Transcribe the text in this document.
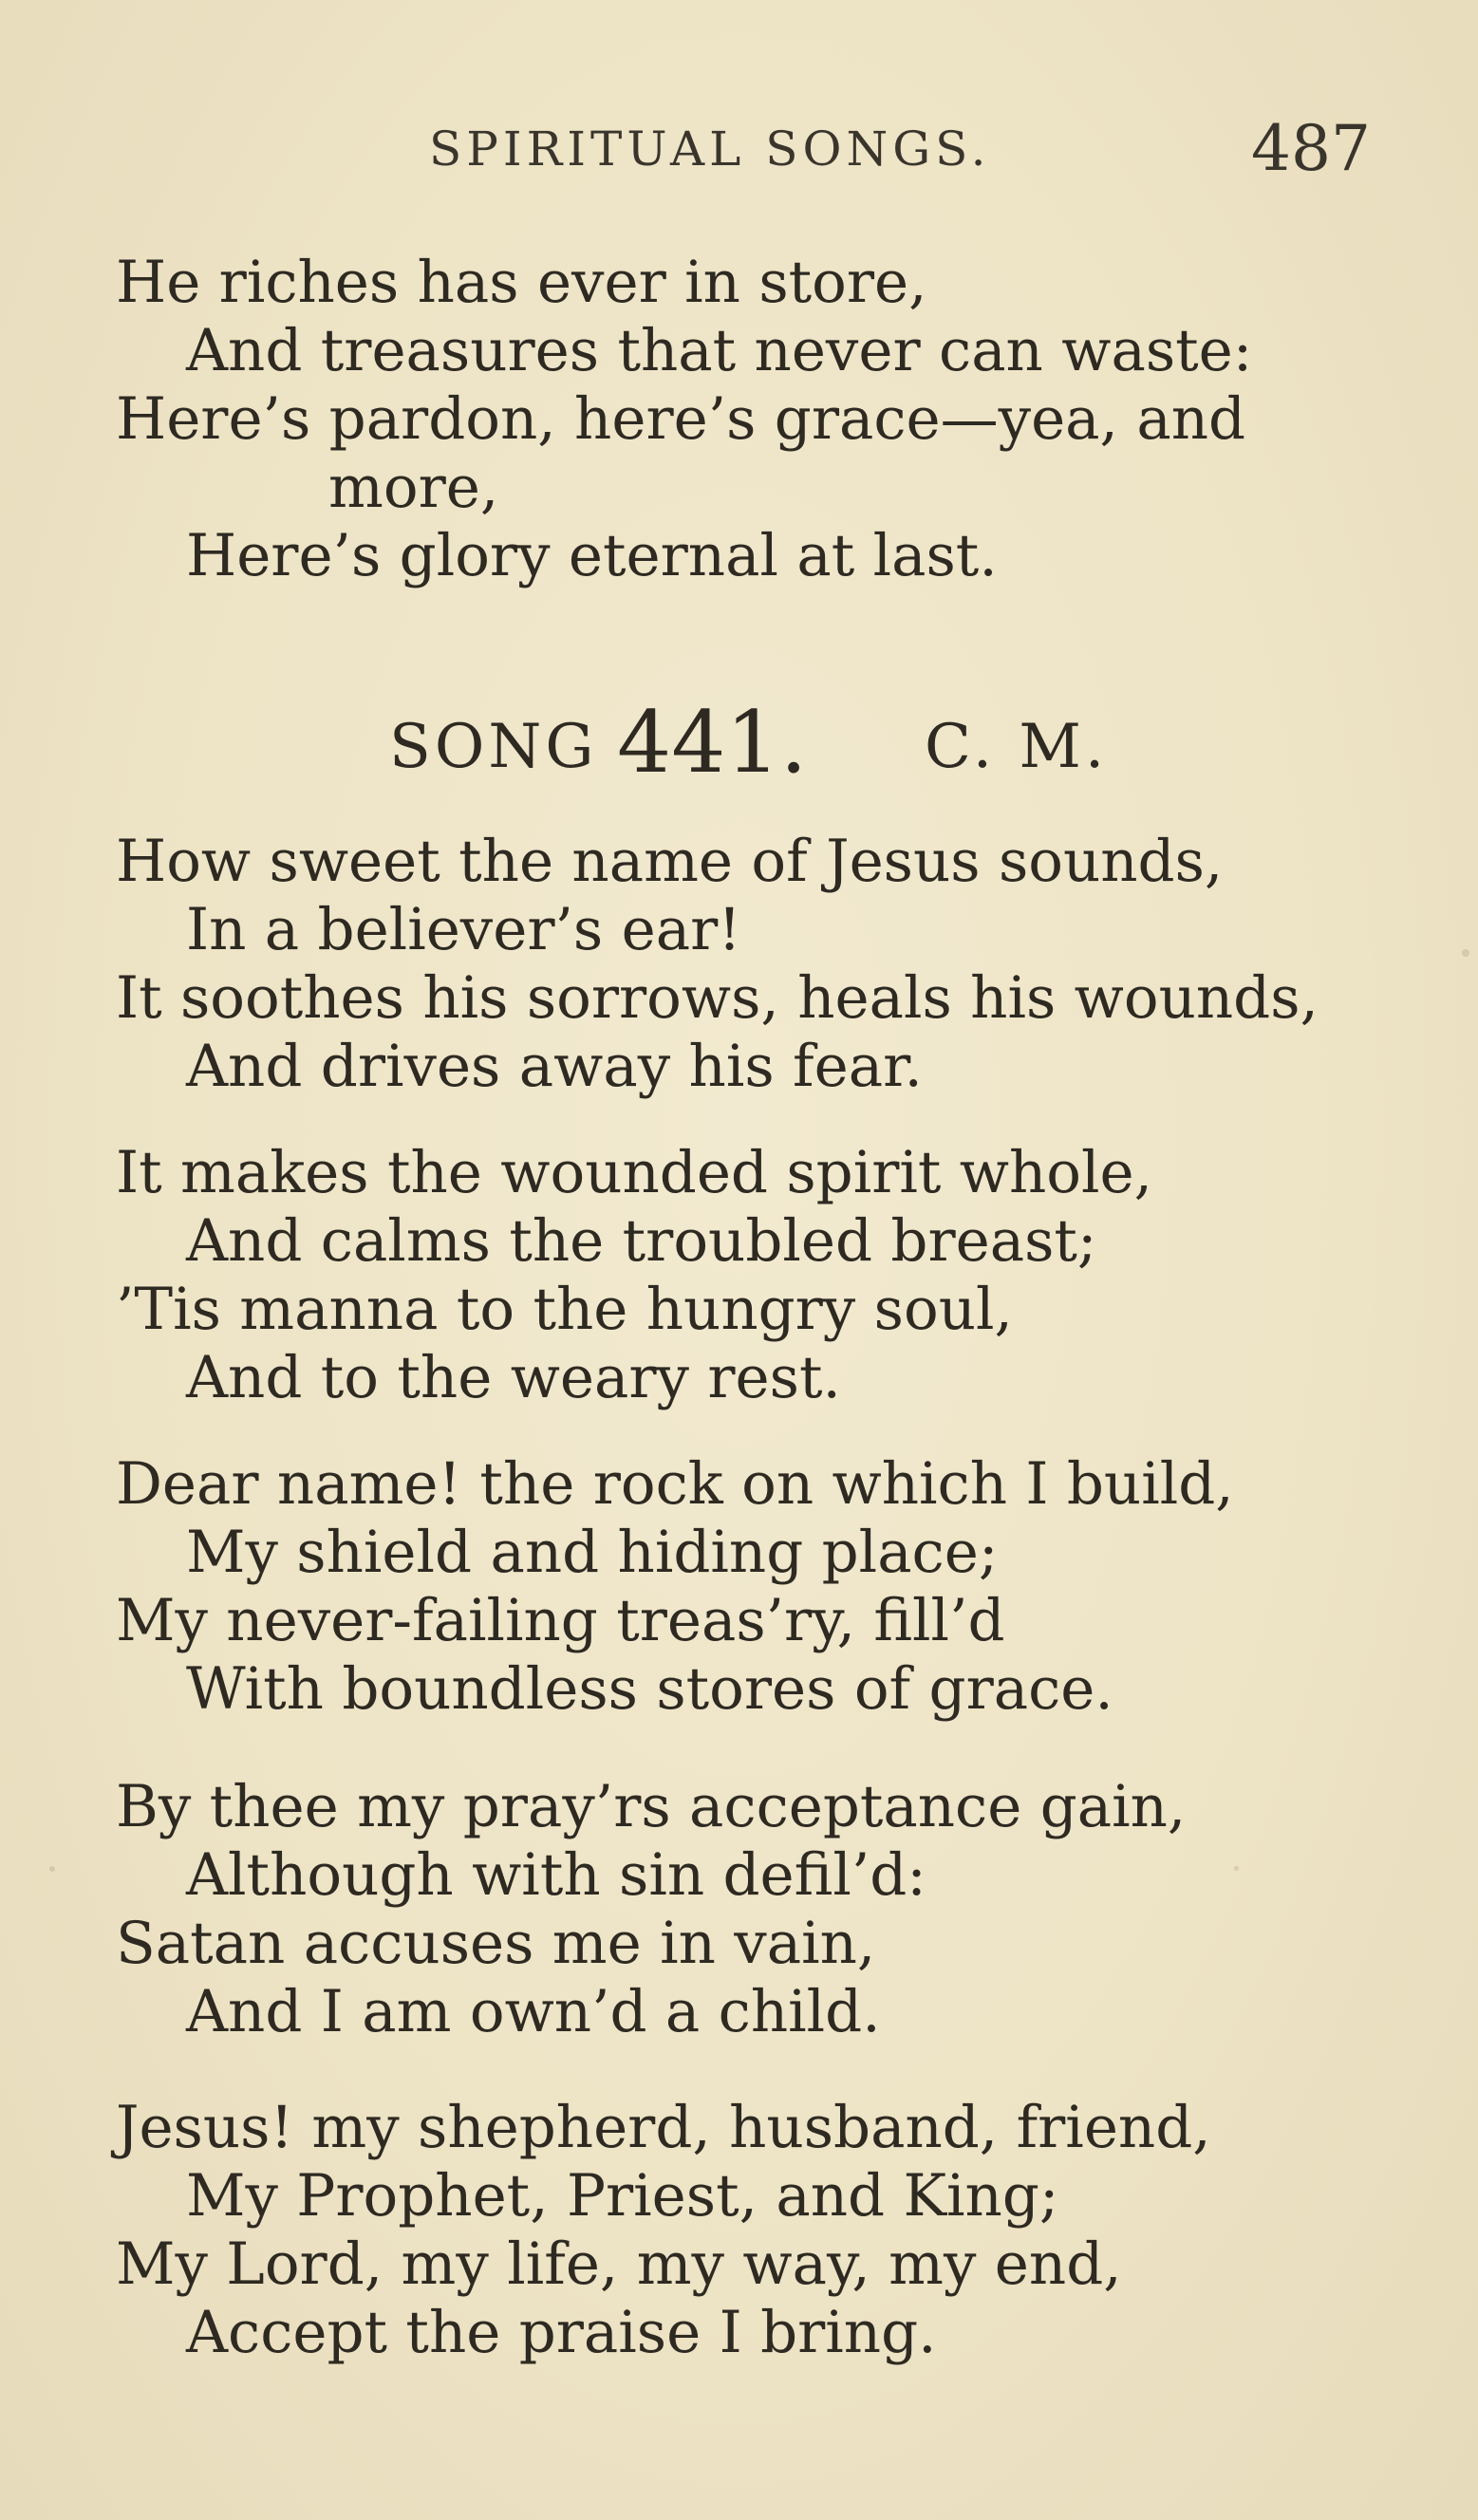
SPIRITUAL SONGS.	487
He riches has ever in store,
And treasures that never can waste:
Here’s pardon, here’s grace—yea, and
more,
Here’s glory eternal at last.
SONG 441. C. M.
How sweet the name of Jesus sounds,
In a believer’s ear!
It soothes his sorrows, heals his wounds,
And drives away his fear.
It makes the wounded spirit whole,
And calms the troubled breast;
’Tis manna to the hungry soul,
And to the weary rest.
Dear name! the rock on which I build,
My shield and hiding place;
My never-failing treas’ry, fill’d
With boundless stores of grace.
By thee my pray’rs acceptance gain,
Although with sin defil’d:
Satan accuses me in vain,
And I am own’d a child.
Jesus! my shepherd, husband, friend,
My Prophet, Priest, and King;
My Lord, my life, my way, my end,
Accept the praise I bring.
